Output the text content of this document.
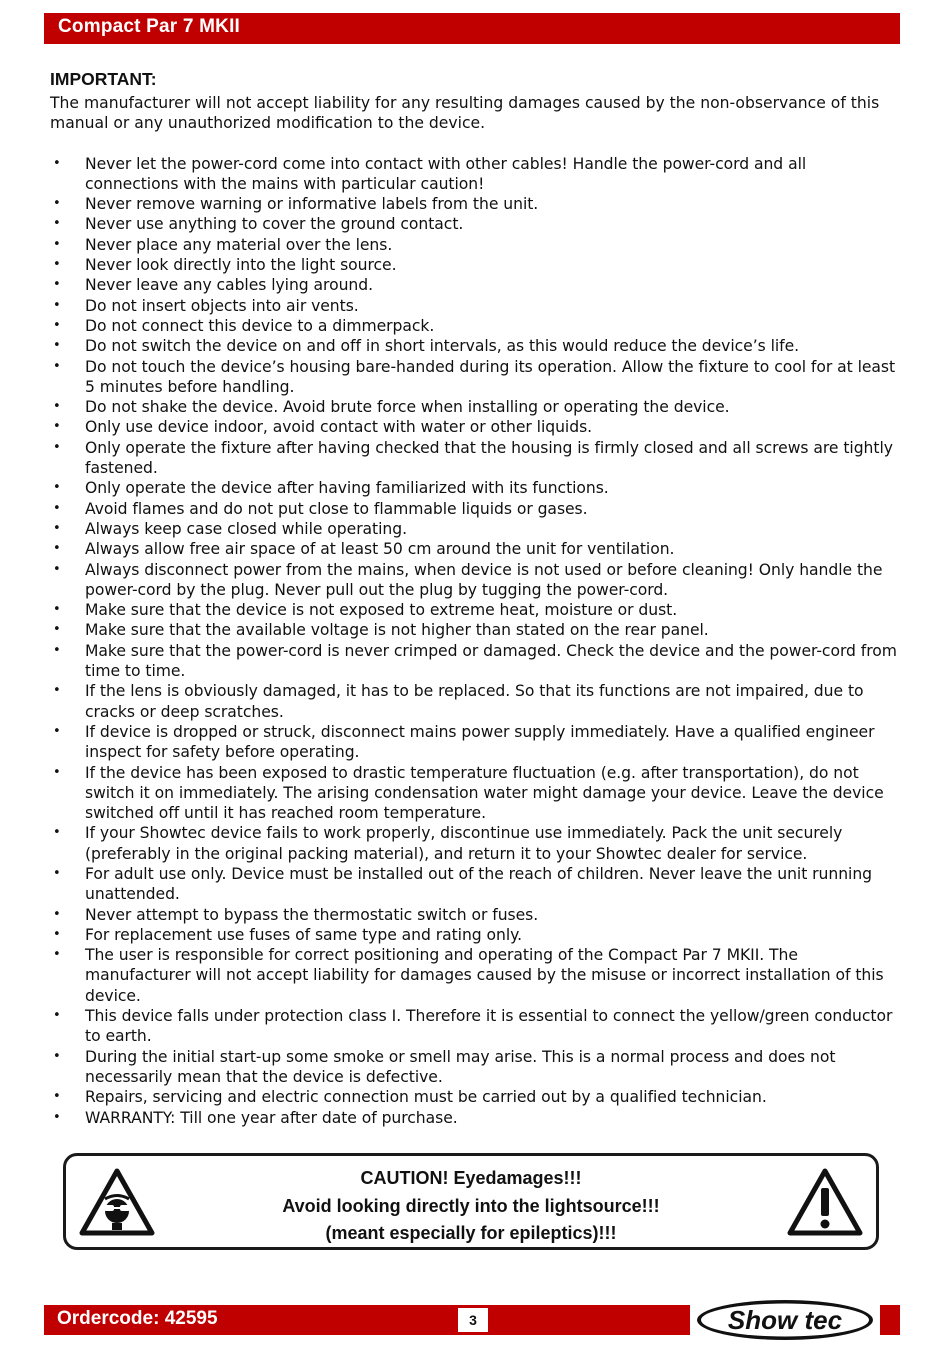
Compact Par 7 MKII
IMPORTANT:
The manufacturer will not accept liability for any resulting damages caused by the non-observance of this manual or any unauthorized modification to the device.
• Never let the power-cord come into contact with other cables! Handle the power-cord and all connections with the mains with particular caution!
• Never remove warning or informative labels from the unit.
• Never use anything to cover the ground contact.
• Never place any material over the lens.
• Never look directly into the light source.
• Never leave any cables lying around.
• Do not insert objects into air vents.
• Do not connect this device to a dimmerpack.
• Do not switch the device on and off in short intervals, as this would reduce the device’s life.
• Do not touch the device’s housing bare-handed during its operation. Allow the fixture to cool for at least 5 minutes before handling.
• Do not shake the device. Avoid brute force when installing or operating the device.
• Only use device indoor, avoid contact with water or other liquids.
• Only operate the fixture after having checked that the housing is firmly closed and all screws are tightly fastened.
• Only operate the device after having familiarized with its functions.
• Avoid flames and do not put close to flammable liquids or gases.
• Always keep case closed while operating.
• Always allow free air space of at least 50 cm around the unit for ventilation.
• Always disconnect power from the mains, when device is not used or before cleaning! Only handle the power-cord by the plug. Never pull out the plug by tugging the power-cord.
• Make sure that the device is not exposed to extreme heat, moisture or dust.
• Make sure that the available voltage is not higher than stated on the rear panel.
• Make sure that the power-cord is never crimped or damaged. Check the device and the power-cord from time to time.
• If the lens is obviously damaged, it has to be replaced. So that its functions are not impaired, due to cracks or deep scratches.
• If device is dropped or struck, disconnect mains power supply immediately. Have a qualified engineer inspect for safety before operating.
• If the device has been exposed to drastic temperature fluctuation (e.g. after transportation), do not switch it on immediately. The arising condensation water might damage your device. Leave the device switched off until it has reached room temperature.
• If your Showtec device fails to work properly, discontinue use immediately. Pack the unit securely (preferably in the original packing material), and return it to your Showtec dealer for service.
• For adult use only. Device must be installed out of the reach of children. Never leave the unit running unattended.
• Never attempt to bypass the thermostatic switch or fuses.
• For replacement use fuses of same type and rating only.
• The user is responsible for correct positioning and operating of the Compact Par 7 MKII. The manufacturer will not accept liability for damages caused by the misuse or incorrect installation of this device.
• This device falls under protection class I. Therefore it is essential to connect the yellow/green conductor to earth.
• During the initial start-up some smoke or smell may arise. This is a normal process and does not necessarily mean that the device is defective.
• Repairs, servicing and electric connection must be carried out by a qualified technician.
• WARRANTY: Till one year after date of purchase.
CAUTION! Eyedamages!!!
Avoid looking directly into the lightsource!!!
(meant especially for epileptics)!!!
Ordercode: 42595	3	Show tec
